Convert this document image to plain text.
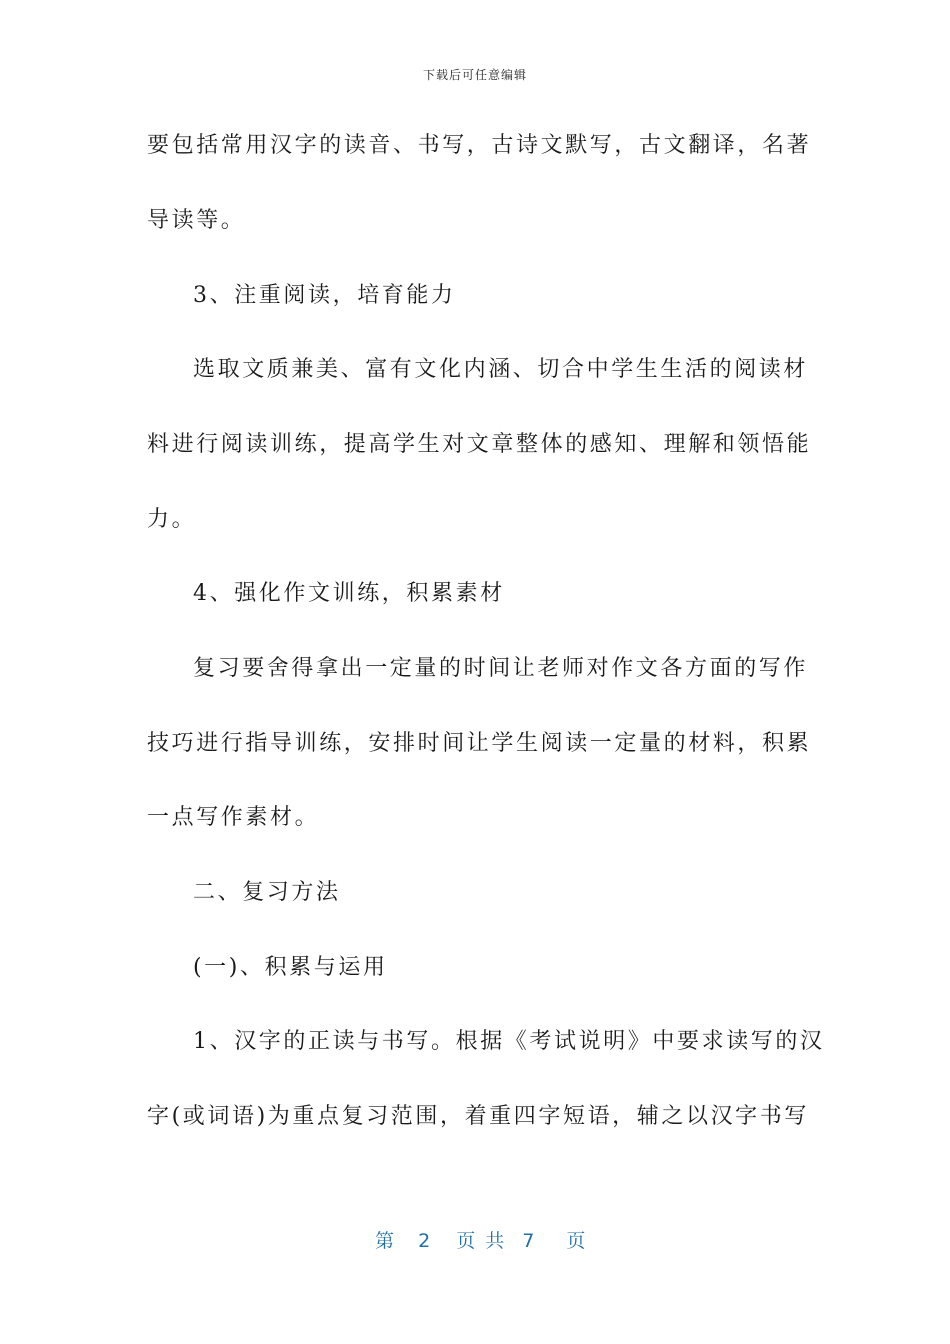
下载后可任意编辑
要包括常用汉字的读音、书写，古诗文默写，古文翻译，名著
导读等。
3、注重阅读，培育能力
选取文质兼美、富有文化内涵、切合中学生生活的阅读材
料进行阅读训练，提高学生对文章整体的感知、理解和领悟能
力。
4、强化作文训练，积累素材
复习要舍得拿出一定量的时间让老师对作文各方面的写作
技巧进行指导训练，安排时间让学生阅读一定量的材料，积累
一点写作素材。
二、复习方法
(一)、积累与运用
1、汉字的正读与书写。根据《考试说明》中要求读写的汉
字(或词语)为重点复习范围，着重四字短语，辅之以汉字书写
第 2 页共 7 页
